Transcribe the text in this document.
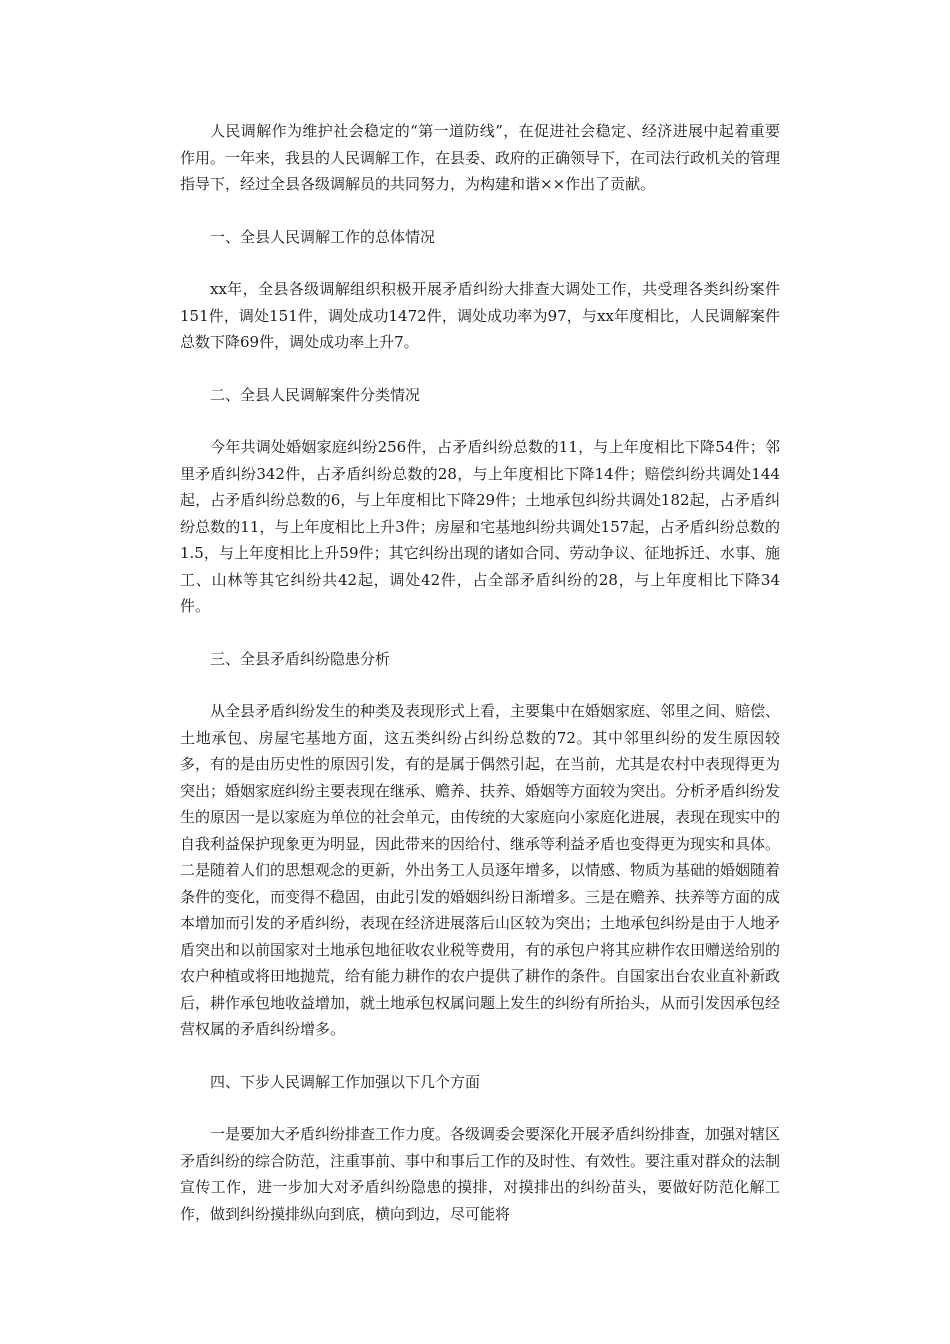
人民调解作为维护社会稳定的“第一道防线”，在促进社会稳定、经济进展中起着重要作用。一年来，我县的人民调解工作，在县委、政府的正确领导下，在司法行政机关的管理指导下，经过全县各级调解员的共同努力，为构建和谐××作出了贡献。

一、全县人民调解工作的总体情况

xx年，全县各级调解组织积极开展矛盾纠纷大排查大调处工作，共受理各类纠纷案件151件，调处151件，调处成功1472件，调处成功率为97，与xx年度相比，人民调解案件总数下降69件，调处成功率上升7。

二、全县人民调解案件分类情况

今年共调处婚姻家庭纠纷256件，占矛盾纠纷总数的11，与上年度相比下降54件；邻里矛盾纠纷342件，占矛盾纠纷总数的28，与上年度相比下降14件；赔偿纠纷共调处144起，占矛盾纠纷总数的6，与上年度相比下降29件；土地承包纠纷共调处182起，占矛盾纠纷总数的11，与上年度相比上升3件；房屋和宅基地纠纷共调处157起，占矛盾纠纷总数的1.5，与上年度相比上升59件；其它纠纷出现的诸如合同、劳动争议、征地拆迁、水事、施工、山林等其它纠纷共42起，调处42件，占全部矛盾纠纷的28，与上年度相比下降34件。

三、全县矛盾纠纷隐患分析

从全县矛盾纠纷发生的种类及表现形式上看，主要集中在婚姻家庭、邻里之间、赔偿、土地承包、房屋宅基地方面，这五类纠纷占纠纷总数的72。其中邻里纠纷的发生原因较多，有的是由历史性的原因引发，有的是属于偶然引起，在当前，尤其是农村中表现得更为突出；婚姻家庭纠纷主要表现在继承、赡养、扶养、婚姻等方面较为突出。分析矛盾纠纷发生的原因一是以家庭为单位的社会单元，由传统的大家庭向小家庭化进展，表现在现实中的自我利益保护现象更为明显，因此带来的因给付、继承等利益矛盾也变得更为现实和具体。二是随着人们的思想观念的更新，外出务工人员逐年增多，以情感、物质为基础的婚姻随着条件的变化，而变得不稳固，由此引发的婚姻纠纷日渐增多。三是在赡养、扶养等方面的成本增加而引发的矛盾纠纷，表现在经济进展落后山区较为突出；土地承包纠纷是由于人地矛盾突出和以前国家对土地承包地征收农业税等费用，有的承包户将其应耕作农田赠送给别的农户种植或将田地抛荒，给有能力耕作的农户提供了耕作的条件。自国家出台农业直补新政后，耕作承包地收益增加，就土地承包权属问题上发生的纠纷有所抬头，从而引发因承包经营权属的矛盾纠纷增多。

四、下步人民调解工作加强以下几个方面

一是要加大矛盾纠纷排查工作力度。各级调委会要深化开展矛盾纠纷排查，加强对辖区矛盾纠纷的综合防范，注重事前、事中和事后工作的及时性、有效性。要注重对群众的法制宣传工作，进一步加大对矛盾纠纷隐患的摸排，对摸排出的纠纷苗头，要做好防范化解工作，做到纠纷摸排纵向到底，横向到边，尽可能将
